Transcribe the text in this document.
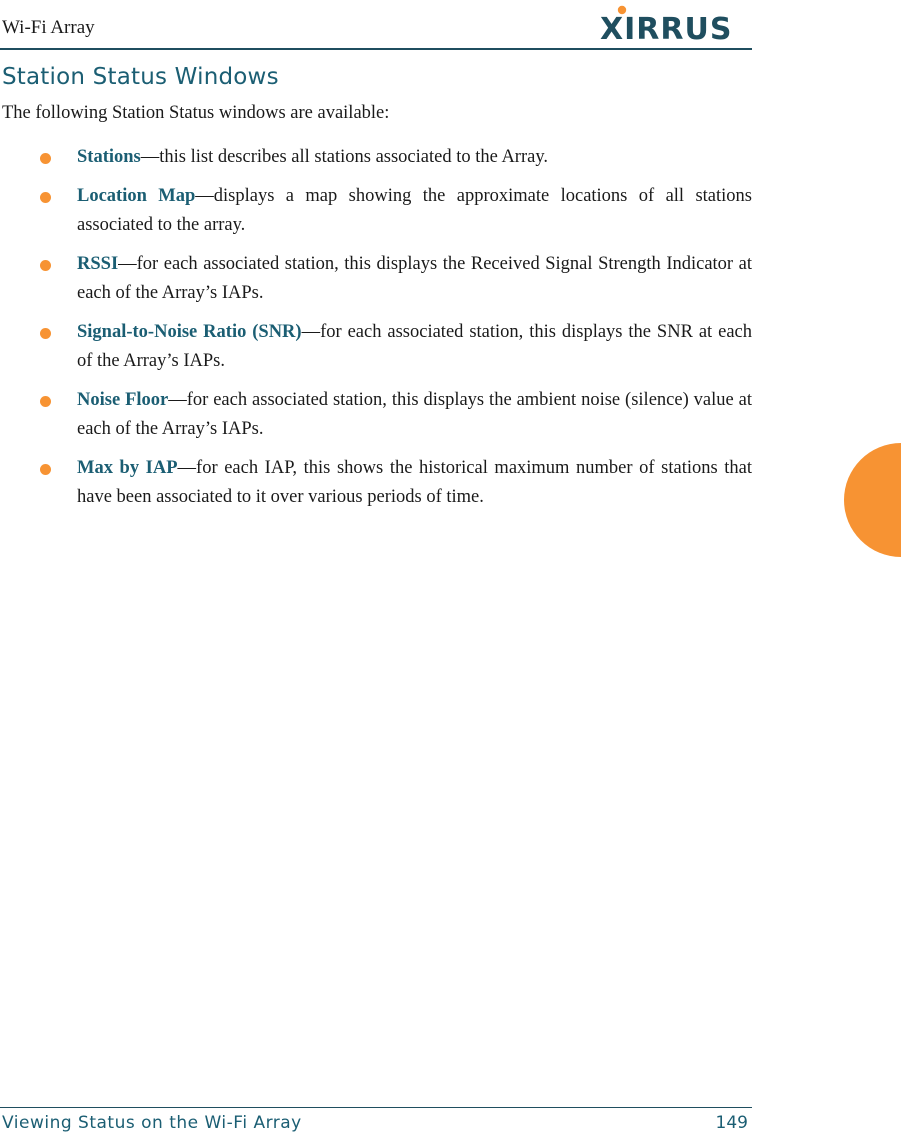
Wi-Fi Array	XIRRUS
Station Status Windows
The following Station Status windows are available:
Stations—this list describes all stations associated to the Array.
Location Map—displays a map showing the approximate locations of all stations associated to the array.
RSSI—for each associated station, this displays the Received Signal Strength Indicator at each of the Array’s IAPs.
Signal-to-Noise Ratio (SNR)—for each associated station, this displays the SNR at each of the Array’s IAPs.
Noise Floor—for each associated station, this displays the ambient noise (silence) value at each of the Array’s IAPs.
Max by IAP—for each IAP, this shows the historical maximum number of stations that have been associated to it over various periods of time.
Viewing Status on the Wi-Fi Array	149
